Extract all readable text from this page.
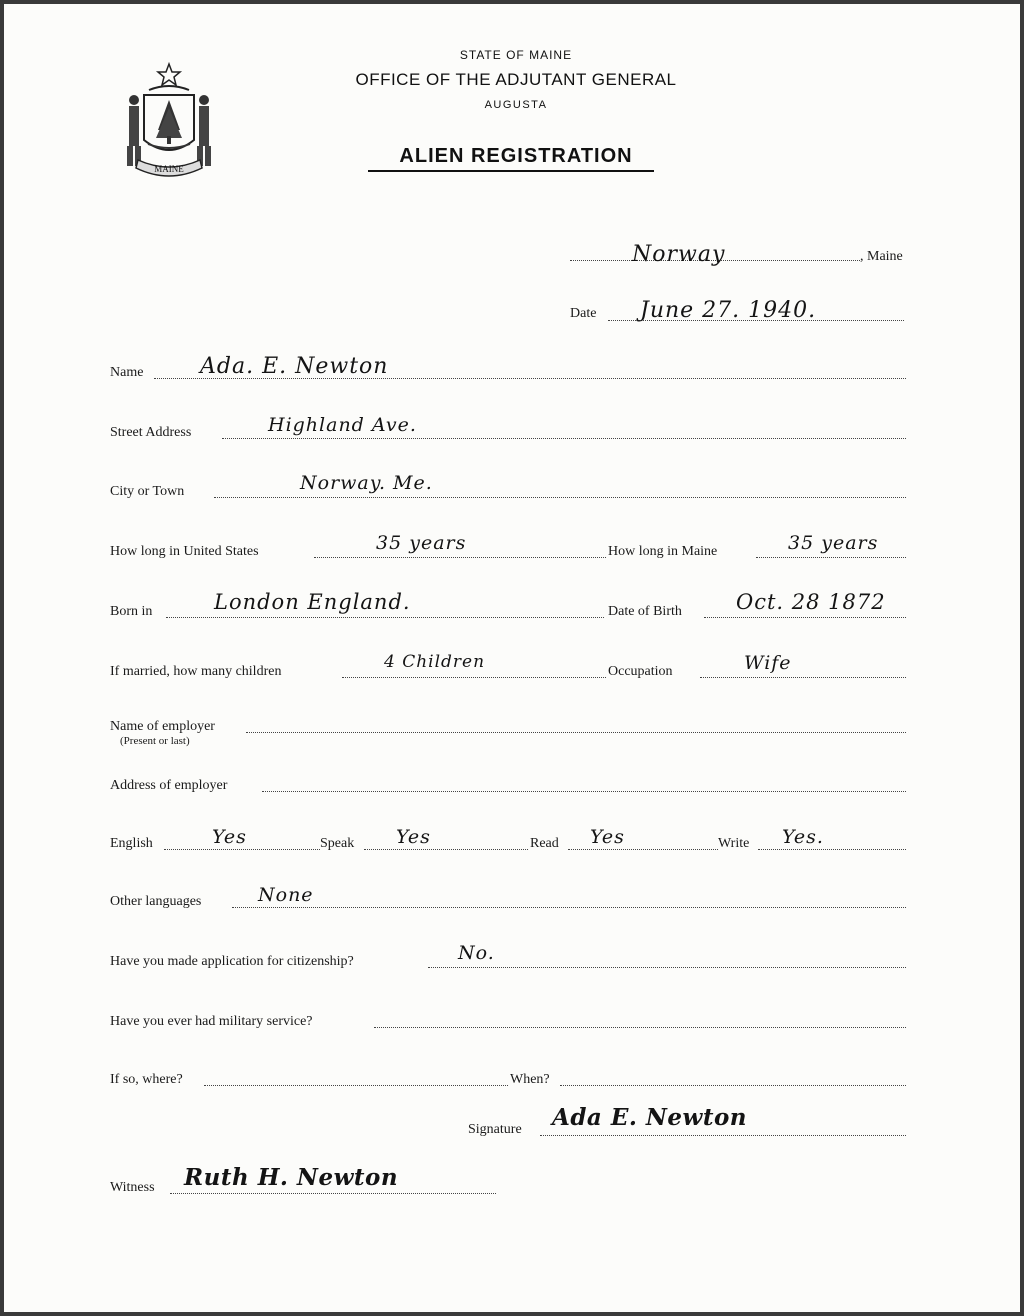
MAINE
STATE OF MAINE
OFFICE OF THE ADJUTANT GENERAL
AUGUSTA
ALIEN REGISTRATION
Norway	, Maine
Date June 27. 1940.
Name	Ada. E. Newton
Street Address	Highland Ave.
City or Town	Norway. Me.
How long in United States	35 years	How long in Maine	35 years
Born in	London England.	Date of Birth	Oct. 28 1872
If married, how many children	4 Children	Occupation	Wife
Name of employer
(Present or last)
Address of employer
English	Yes	Speak Yes	Read Yes	Write Yes.
Other languages	None
Have you made application for citizenship?	No.
Have you ever had military service?
If so, where?	When?
Signature Ada E. Newton
Witness Ruth H. Newton
